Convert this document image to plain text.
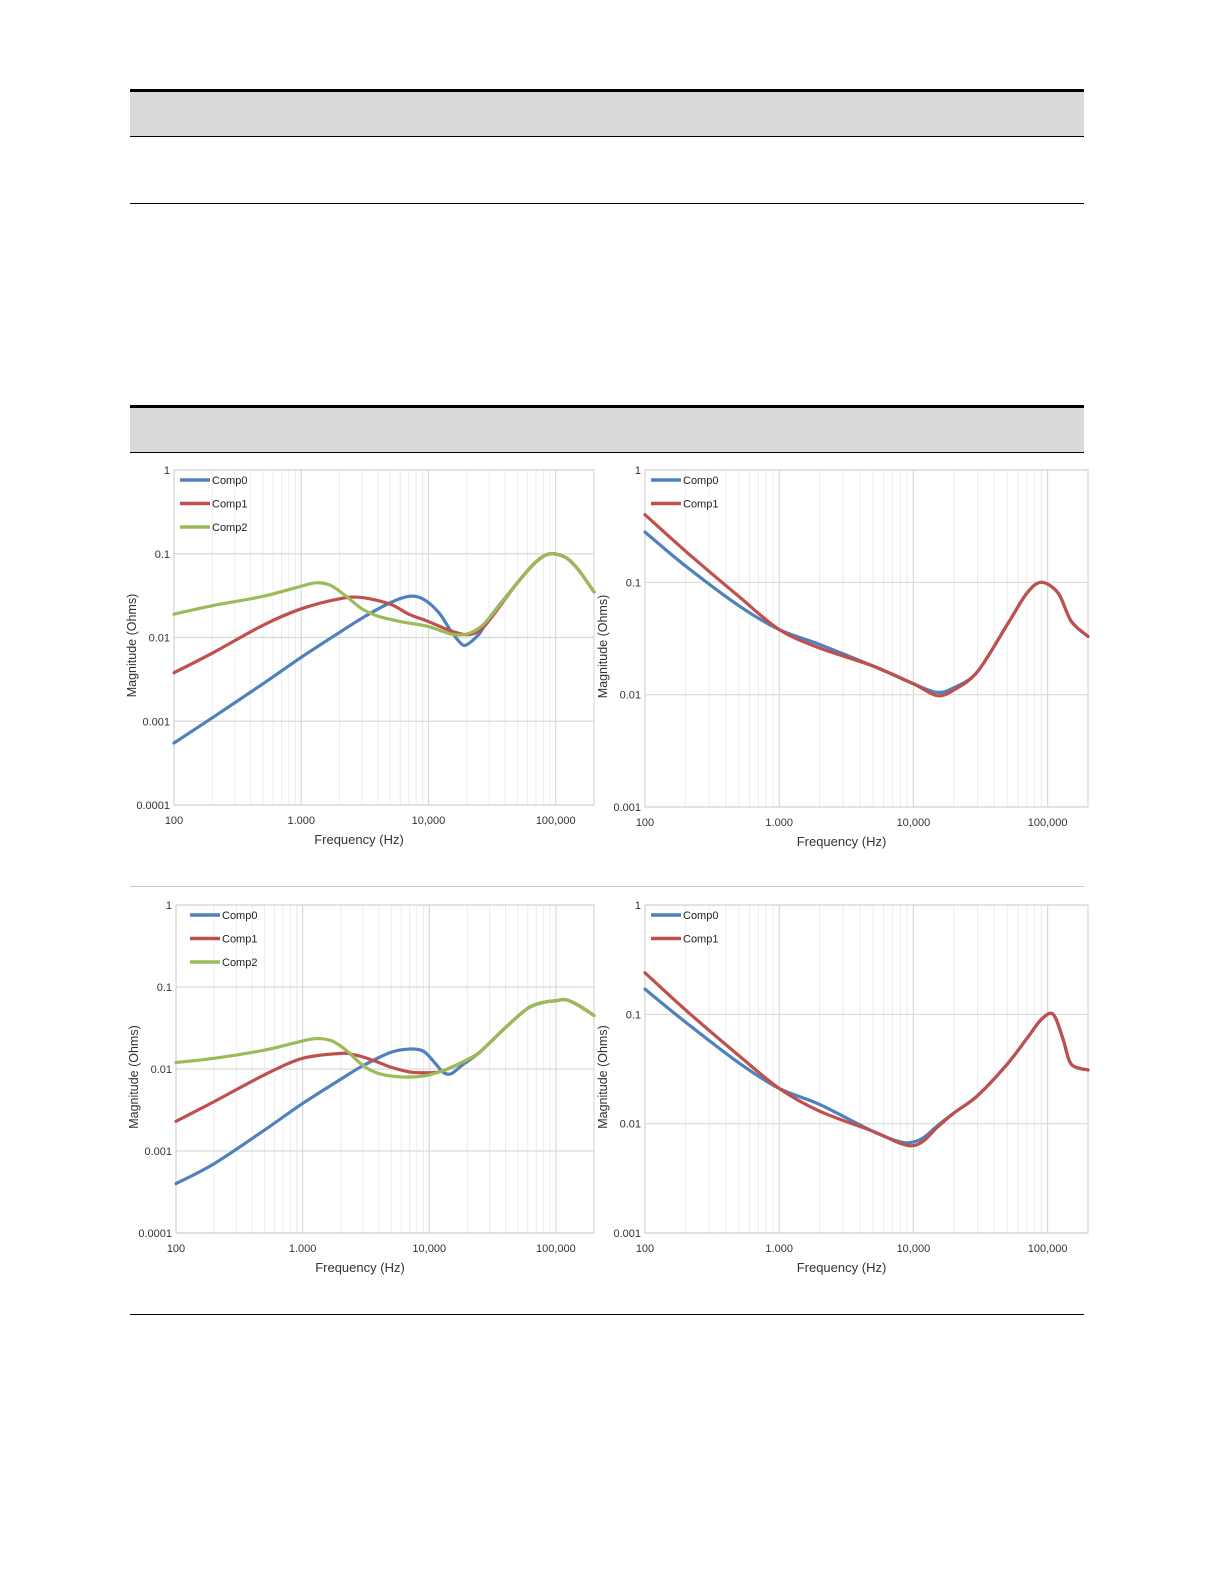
1
0.1
0.01
0.001
0.0001
100	1.000	10,000	100,000
Frequency (Hz)
Magnitude (Ohms)
Comp0
Comp1
Comp2
1
0.1
0.01
0.001
100	1.000	10,000	100,000
Frequency (Hz)
Magnitude (Ohms)
Comp0
Comp1
1
0.1
0.01
0.001
0.0001
100	1.000	10,000	100,000
Frequency (Hz)
Magnitude (Ohms)
Comp0
Comp1
Comp2
1
0.1
0.01
0.001
100	1.000	10,000	100,000
Frequency (Hz)
Magnitude (Ohms)
Comp0
Comp1
